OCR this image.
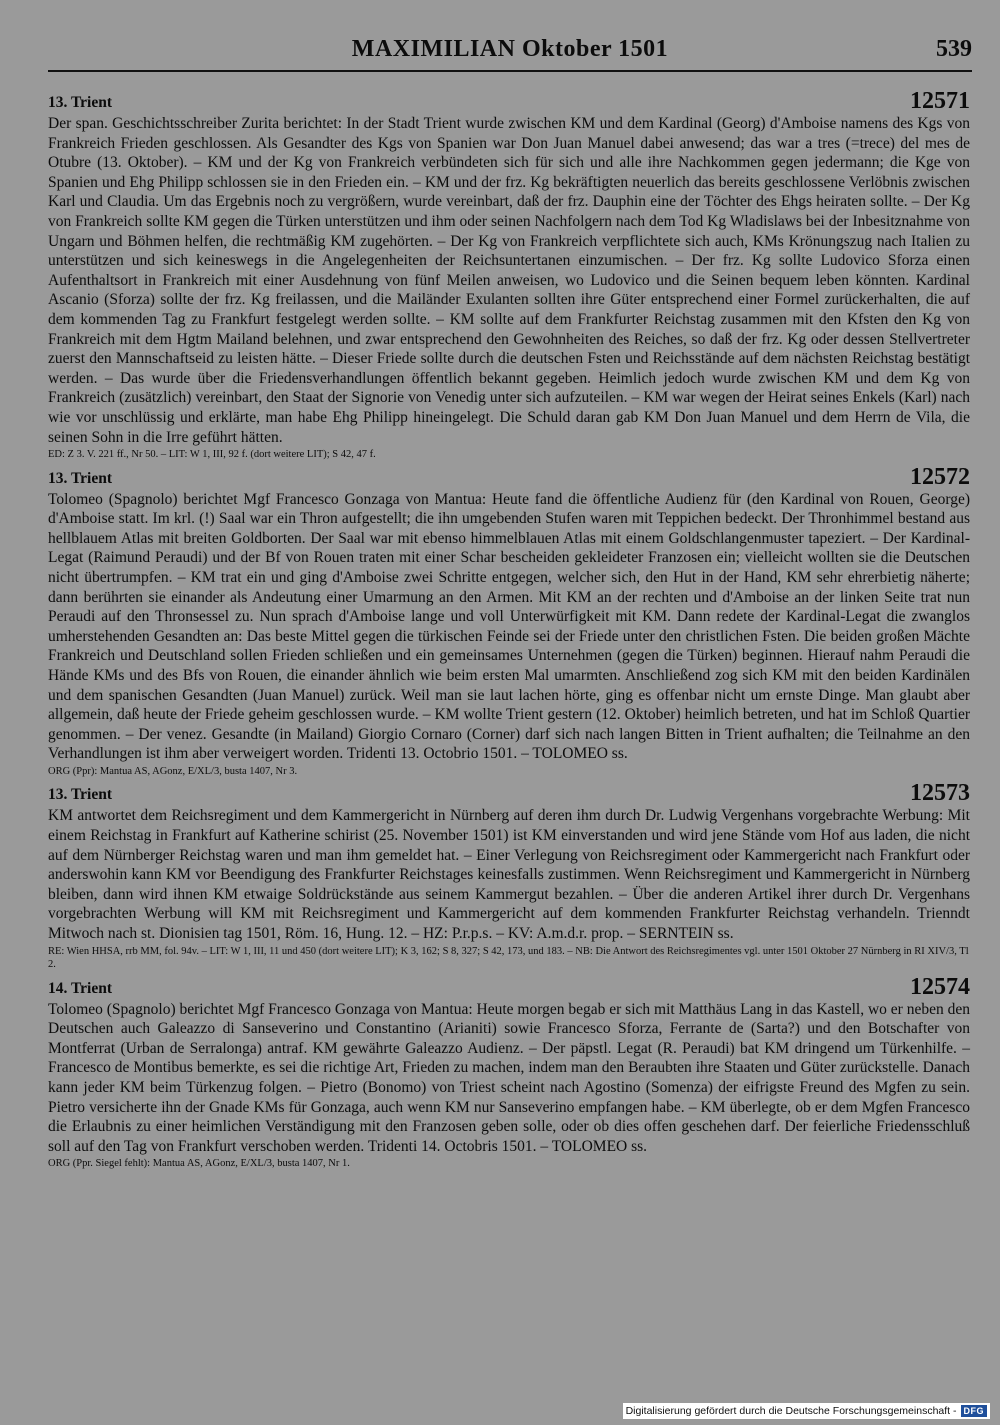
MAXIMILIAN Oktober 1501	539
13. Trient	12571

Der span. Geschichtsschreiber Zurita berichtet: In der Stadt Trient wurde zwischen KM und dem Kardinal (Georg) d'Amboise namens des Kgs von Frankreich Frieden geschlossen. Als Gesandter des Kgs von Spanien war Don Juan Manuel dabei anwesend; das war a tres (=trece) del mes de Otubre (13. Oktober). – KM und der Kg von Frankreich verbündeten sich für sich und alle ihre Nachkommen gegen jedermann; die Kge von Spanien und Ehg Philipp schlossen sie in den Frieden ein. – KM und der frz. Kg bekräftigten neuerlich das bereits geschlossene Verlöbnis zwischen Karl und Claudia. Um das Ergebnis noch zu vergrößern, wurde vereinbart, daß der frz. Dauphin eine der Töchter des Ehgs heiraten sollte. – Der Kg von Frankreich sollte KM gegen die Türken unterstützen und ihm oder seinen Nachfolgern nach dem Tod Kg Wladislaws bei der Inbesitznahme von Ungarn und Böhmen helfen, die rechtmäßig KM zugehörten. – Der Kg von Frankreich verpflichtete sich auch, KMs Krönungszug nach Italien zu unterstützen und sich keineswegs in die Angelegenheiten der Reichsuntertanen einzumischen. – Der frz. Kg sollte Ludovico Sforza einen Aufenthaltsort in Frankreich mit einer Ausdehnung von fünf Meilen anweisen, wo Ludovico und die Seinen bequem leben könnten. Kardinal Ascanio (Sforza) sollte der frz. Kg freilassen, und die Mailänder Exulanten sollten ihre Güter entsprechend einer Formel zurückerhalten, die auf dem kommenden Tag zu Frankfurt festgelegt werden sollte. – KM sollte auf dem Frankfurter Reichstag zusammen mit den Kfsten den Kg von Frankreich mit dem Hgtm Mailand belehnen, und zwar entsprechend den Gewohnheiten des Reiches, so daß der frz. Kg oder dessen Stellvertreter zuerst den Mannschaftseid zu leisten hätte. – Dieser Friede sollte durch die deutschen Fsten und Reichsstände auf dem nächsten Reichstag bestätigt werden. – Das wurde über die Friedensverhandlungen öffentlich bekannt gegeben. Heimlich jedoch wurde zwischen KM und dem Kg von Frankreich (zusätzlich) vereinbart, den Staat der Signorie von Venedig unter sich aufzuteilen. – KM war wegen der Heirat seines Enkels (Karl) nach wie vor unschlüssig und erklärte, man habe Ehg Philipp hineingelegt. Die Schuld daran gab KM Don Juan Manuel und dem Herrn de Vila, die seinen Sohn in die Irre geführt hätten.

ED: Z 3. V. 221 ff., Nr 50. – LIT: W 1, III, 92 f. (dort weitere LIT); S 42, 47 f.

13. Trient	12572

Tolomeo (Spagnolo) berichtet Mgf Francesco Gonzaga von Mantua: Heute fand die öffentliche Audienz für (den Kardinal von Rouen, George) d'Amboise statt. Im krl. (!) Saal war ein Thron aufgestellt; die ihn umgebenden Stufen waren mit Teppichen bedeckt. Der Thronhimmel bestand aus hellblauem Atlas mit breiten Goldborten. Der Saal war mit ebenso himmelblauen Atlas mit einem Goldschlangenmuster tapeziert. – Der Kardinal-Legat (Raimund Peraudi) und der Bf von Rouen traten mit einer Schar bescheiden gekleideter Franzosen ein; vielleicht wollten sie die Deutschen nicht übertrumpfen. – KM trat ein und ging d'Amboise zwei Schritte entgegen, welcher sich, den Hut in der Hand, KM sehr ehrerbietig näherte; dann berührten sie einander als Andeutung einer Umarmung an den Armen. Mit KM an der rechten und d'Amboise an der linken Seite trat nun Peraudi auf den Thronsessel zu. Nun sprach d'Amboise lange und voll Unterwürfigkeit mit KM. Dann redete der Kardinal-Legat die zwanglos umherstehenden Gesandten an: Das beste Mittel gegen die türkischen Feinde sei der Friede unter den christlichen Fsten. Die beiden großen Mächte Frankreich und Deutschland sollen Frieden schließen und ein gemeinsames Unternehmen (gegen die Türken) beginnen. Hierauf nahm Peraudi die Hände KMs und des Bfs von Rouen, die einander ähnlich wie beim ersten Mal umarmten. Anschließend zog sich KM mit den beiden Kardinälen und dem spanischen Gesandten (Juan Manuel) zurück. Weil man sie laut lachen hörte, ging es offenbar nicht um ernste Dinge. Man glaubt aber allgemein, daß heute der Friede geheim geschlossen wurde. – KM wollte Trient gestern (12. Oktober) heimlich betreten, und hat im Schloß Quartier genommen. – Der venez. Gesandte (in Mailand) Giorgio Cornaro (Corner) darf sich nach langen Bitten in Trient aufhalten; die Teilnahme an den Verhandlungen ist ihm aber verweigert worden. Tridenti 13. Octobrio 1501. – TOLOMEO ss.

ORG (Ppr): Mantua AS, AGonz, E/XL/3, busta 1407, Nr 3.

13. Trient	12573

KM antwortet dem Reichsregiment und dem Kammergericht in Nürnberg auf deren ihm durch Dr. Ludwig Vergenhans vorgebrachte Werbung: Mit einem Reichstag in Frankfurt auf Katherine schirist (25. November 1501) ist KM einverstanden und wird jene Stände vom Hof aus laden, die nicht auf dem Nürnberger Reichstag waren und man ihm gemeldet hat. – Einer Verlegung von Reichsregiment oder Kammergericht nach Frankfurt oder anderswohin kann KM vor Beendigung des Frankfurter Reichstages keinesfalls zustimmen. Wenn Reichsregiment und Kammergericht in Nürnberg bleiben, dann wird ihnen KM etwaige Soldrückstände aus seinem Kammergut bezahlen. – Über die anderen Artikel ihrer durch Dr. Vergenhans vorgebrachten Werbung will KM mit Reichsregiment und Kammergericht auf dem kommenden Frankfurter Reichstag verhandeln. Trienndt Mitwoch nach st. Dionisien tag 1501, Röm. 16, Hung. 12. – HZ: P.r.p.s. – KV: A.m.d.r. prop. – SERNTEIN ss.

RE: Wien HHSA, rrb MM, fol. 94v. – LIT: W 1, III, 11 und 450 (dort weitere LIT); K 3, 162; S 8, 327; S 42, 173, und 183. – NB: Die Antwort des Reichsregimentes vgl. unter 1501 Oktober 27 Nürnberg in RI XIV/3, Tl 2.

14. Trient	12574

Tolomeo (Spagnolo) berichtet Mgf Francesco Gonzaga von Mantua: Heute morgen begab er sich mit Matthäus Lang in das Kastell, wo er neben den Deutschen auch Galeazzo di Sanseverino und Constantino (Arianiti) sowie Francesco Sforza, Ferrante de (Sarta?) und den Botschafter von Montferrat (Urban de Serralonga) antraf. KM gewährte Galeazzo Audienz. – Der päpstl. Legat (R. Peraudi) bat KM dringend um Türkenhilfe. – Francesco de Montibus bemerkte, es sei die richtige Art, Frieden zu machen, indem man den Beraubten ihre Staaten und Güter zurückstelle. Danach kann jeder KM beim Türkenzug folgen. – Pietro (Bonomo) von Triest scheint nach Agostino (Somenza) der eifrigste Freund des Mgfen zu sein. Pietro versicherte ihn der Gnade KMs für Gonzaga, auch wenn KM nur Sanseverino empfangen habe. – KM überlegte, ob er dem Mgfen Francesco die Erlaubnis zu einer heimlichen Verständigung mit den Franzosen geben solle, oder ob dies offen geschehen darf. Der feierliche Friedensschluß soll auf den Tag von Frankfurt verschoben werden. Tridenti 14. Octobris 1501. – TOLOMEO ss.

ORG (Ppr. Siegel fehlt): Mantua AS, AGonz, E/XL/3, busta 1407, Nr 1.

Digitalisierung gefördert durch die Deutsche Forschungsgemeinschaft - DFG
